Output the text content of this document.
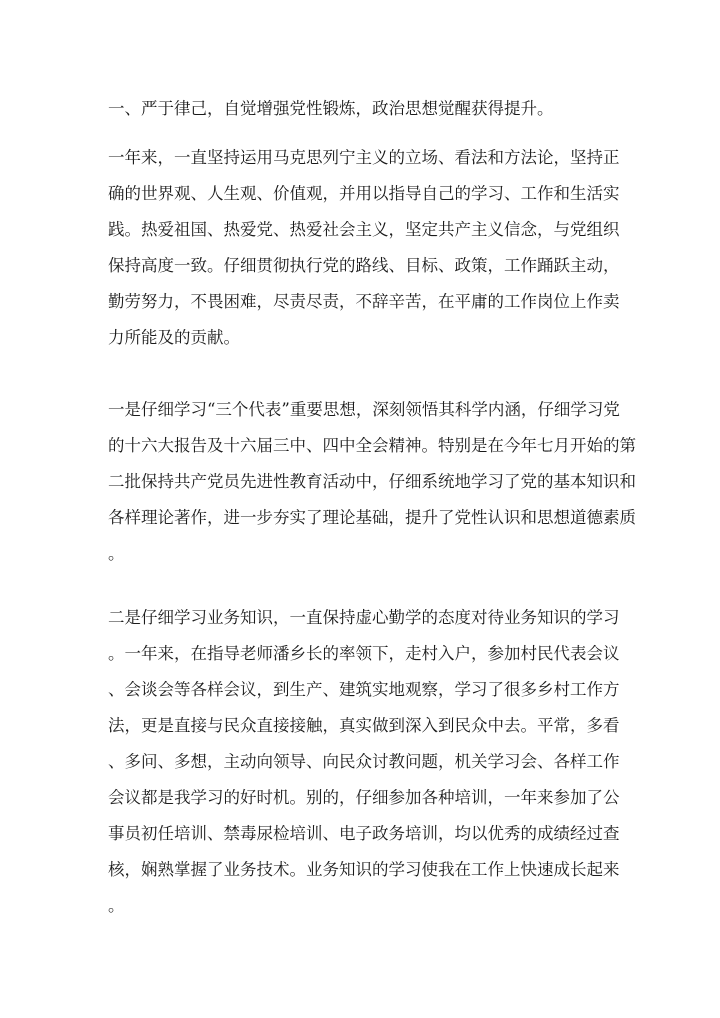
一、严于律己，自觉增强党性锻炼，政治思想觉醒获得提升。
一年来，一直坚持运用马克思列宁主义的立场、看法和方法论，坚持正
确的世界观、人生观、价值观，并用以指导自己的学习、工作和生活实
践。热爱祖国、热爱党、热爱社会主义，坚定共产主义信念，与党组织
保持高度一致。仔细贯彻执行党的路线、目标、政策，工作踊跃主动，
勤劳努力，不畏困难，尽责尽责，不辞辛苦，在平庸的工作岗位上作卖
力所能及的贡献。
一是仔细学习“三个代表”重要思想，深刻领悟其科学内涵，仔细学习党
的十六大报告及十六届三中、四中全会精神。特别是在今年七月开始的第
二批保持共产党员先进性教育活动中，仔细系统地学习了党的基本知识和
各样理论著作，进一步夯实了理论基础，提升了党性认识和思想道德素质
。
二是仔细学习业务知识，一直保持虚心勤学的态度对待业务知识的学习
。一年来，在指导老师潘乡长的率领下，走村入户，参加村民代表会议
、会谈会等各样会议，到生产、建筑实地观察，学习了很多乡村工作方
法，更是直接与民众直接接触，真实做到深入到民众中去。平常，多看
、多问、多想，主动向领导、向民众讨教问题，机关学习会、各样工作
会议都是我学习的好时机。别的，仔细参加各种培训，一年来参加了公
事员初任培训、禁毒尿检培训、电子政务培训，均以优秀的成绩经过查
核，娴熟掌握了业务技术。业务知识的学习使我在工作上快速成长起来
。
